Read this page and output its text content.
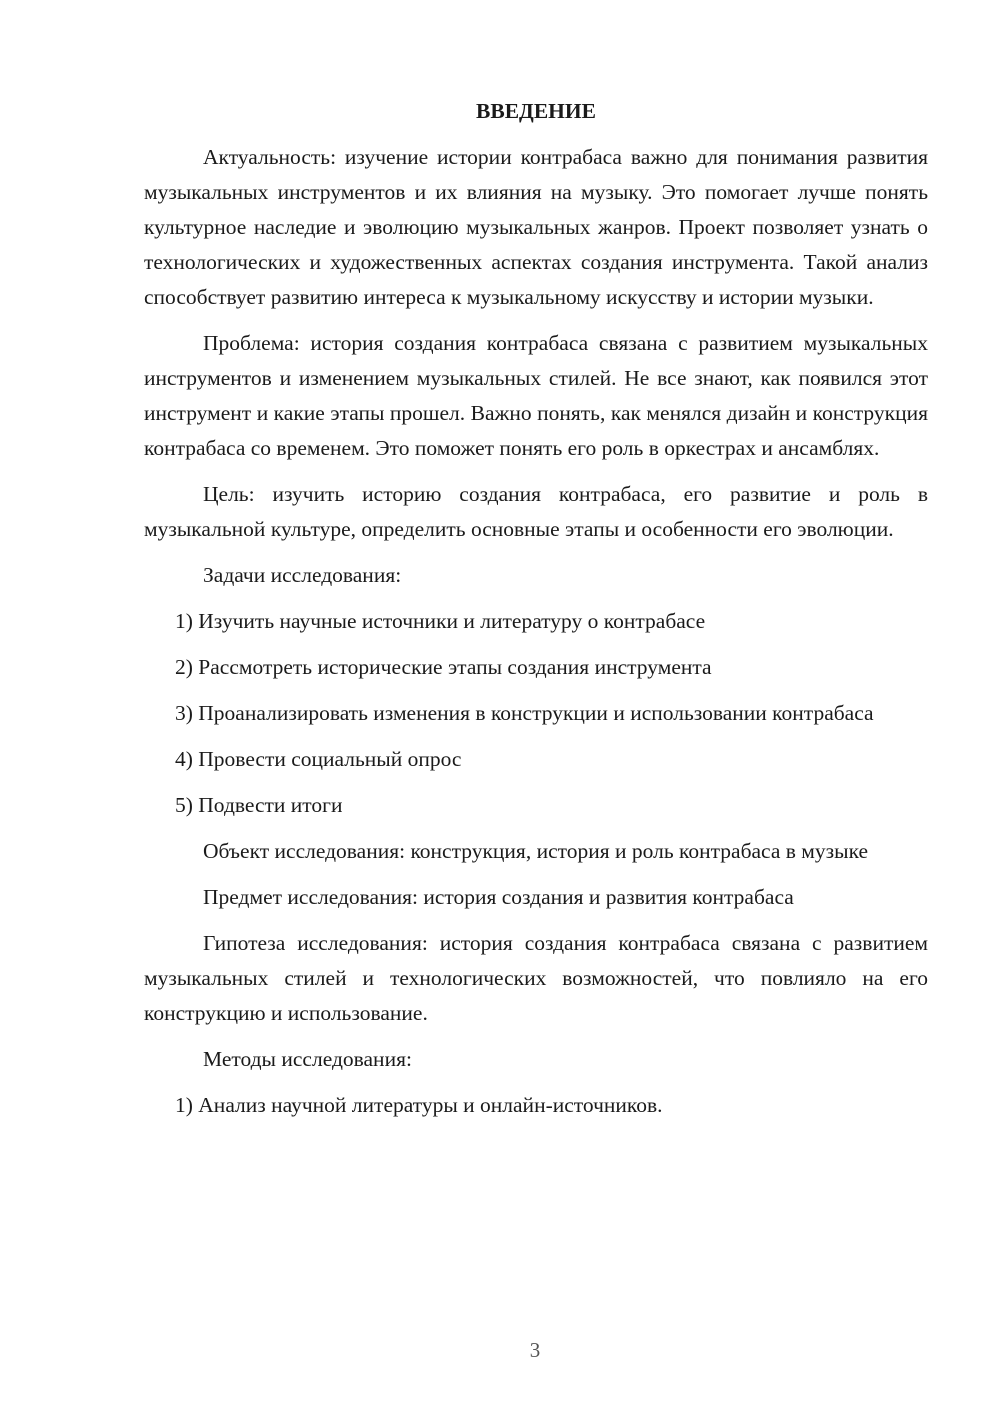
ВВЕДЕНИЕ

Актуальность: изучение истории контрабаса важно для понимания развития музыкальных инструментов и их влияния на музыку. Это помогает лучше понять культурное наследие и эволюцию музыкальных жанров. Проект позволяет узнать о технологических и художественных аспектах создания инструмента. Такой анализ способствует развитию интереса к музыкальному искусству и истории музыки.

Проблема: история создания контрабаса связана с развитием музыкальных инструментов и изменением музыкальных стилей. Не все знают, как появился этот инструмент и какие этапы прошел. Важно понять, как менялся дизайн и конструкция контрабаса со временем. Это поможет понять его роль в оркестрах и ансамблях.

Цель: изучить историю создания контрабаса, его развитие и роль в музыкальной культуре, определить основные этапы и особенности его эволюции.

Задачи исследования:

1) Изучить научные источники и литературу о контрабасе

2) Рассмотреть исторические этапы создания инструмента

3) Проанализировать изменения в конструкции и использовании контрабаса

4) Провести социальный опрос

5) Подвести итоги

Объект исследования: конструкция, история и роль контрабаса в музыке

Предмет исследования: история создания и развития контрабаса

Гипотеза исследования: история создания контрабаса связана с развитием музыкальных стилей и технологических возможностей, что повлияло на его конструкцию и использование.

Методы исследования:

1) Анализ научной литературы и онлайн-источников.

3
